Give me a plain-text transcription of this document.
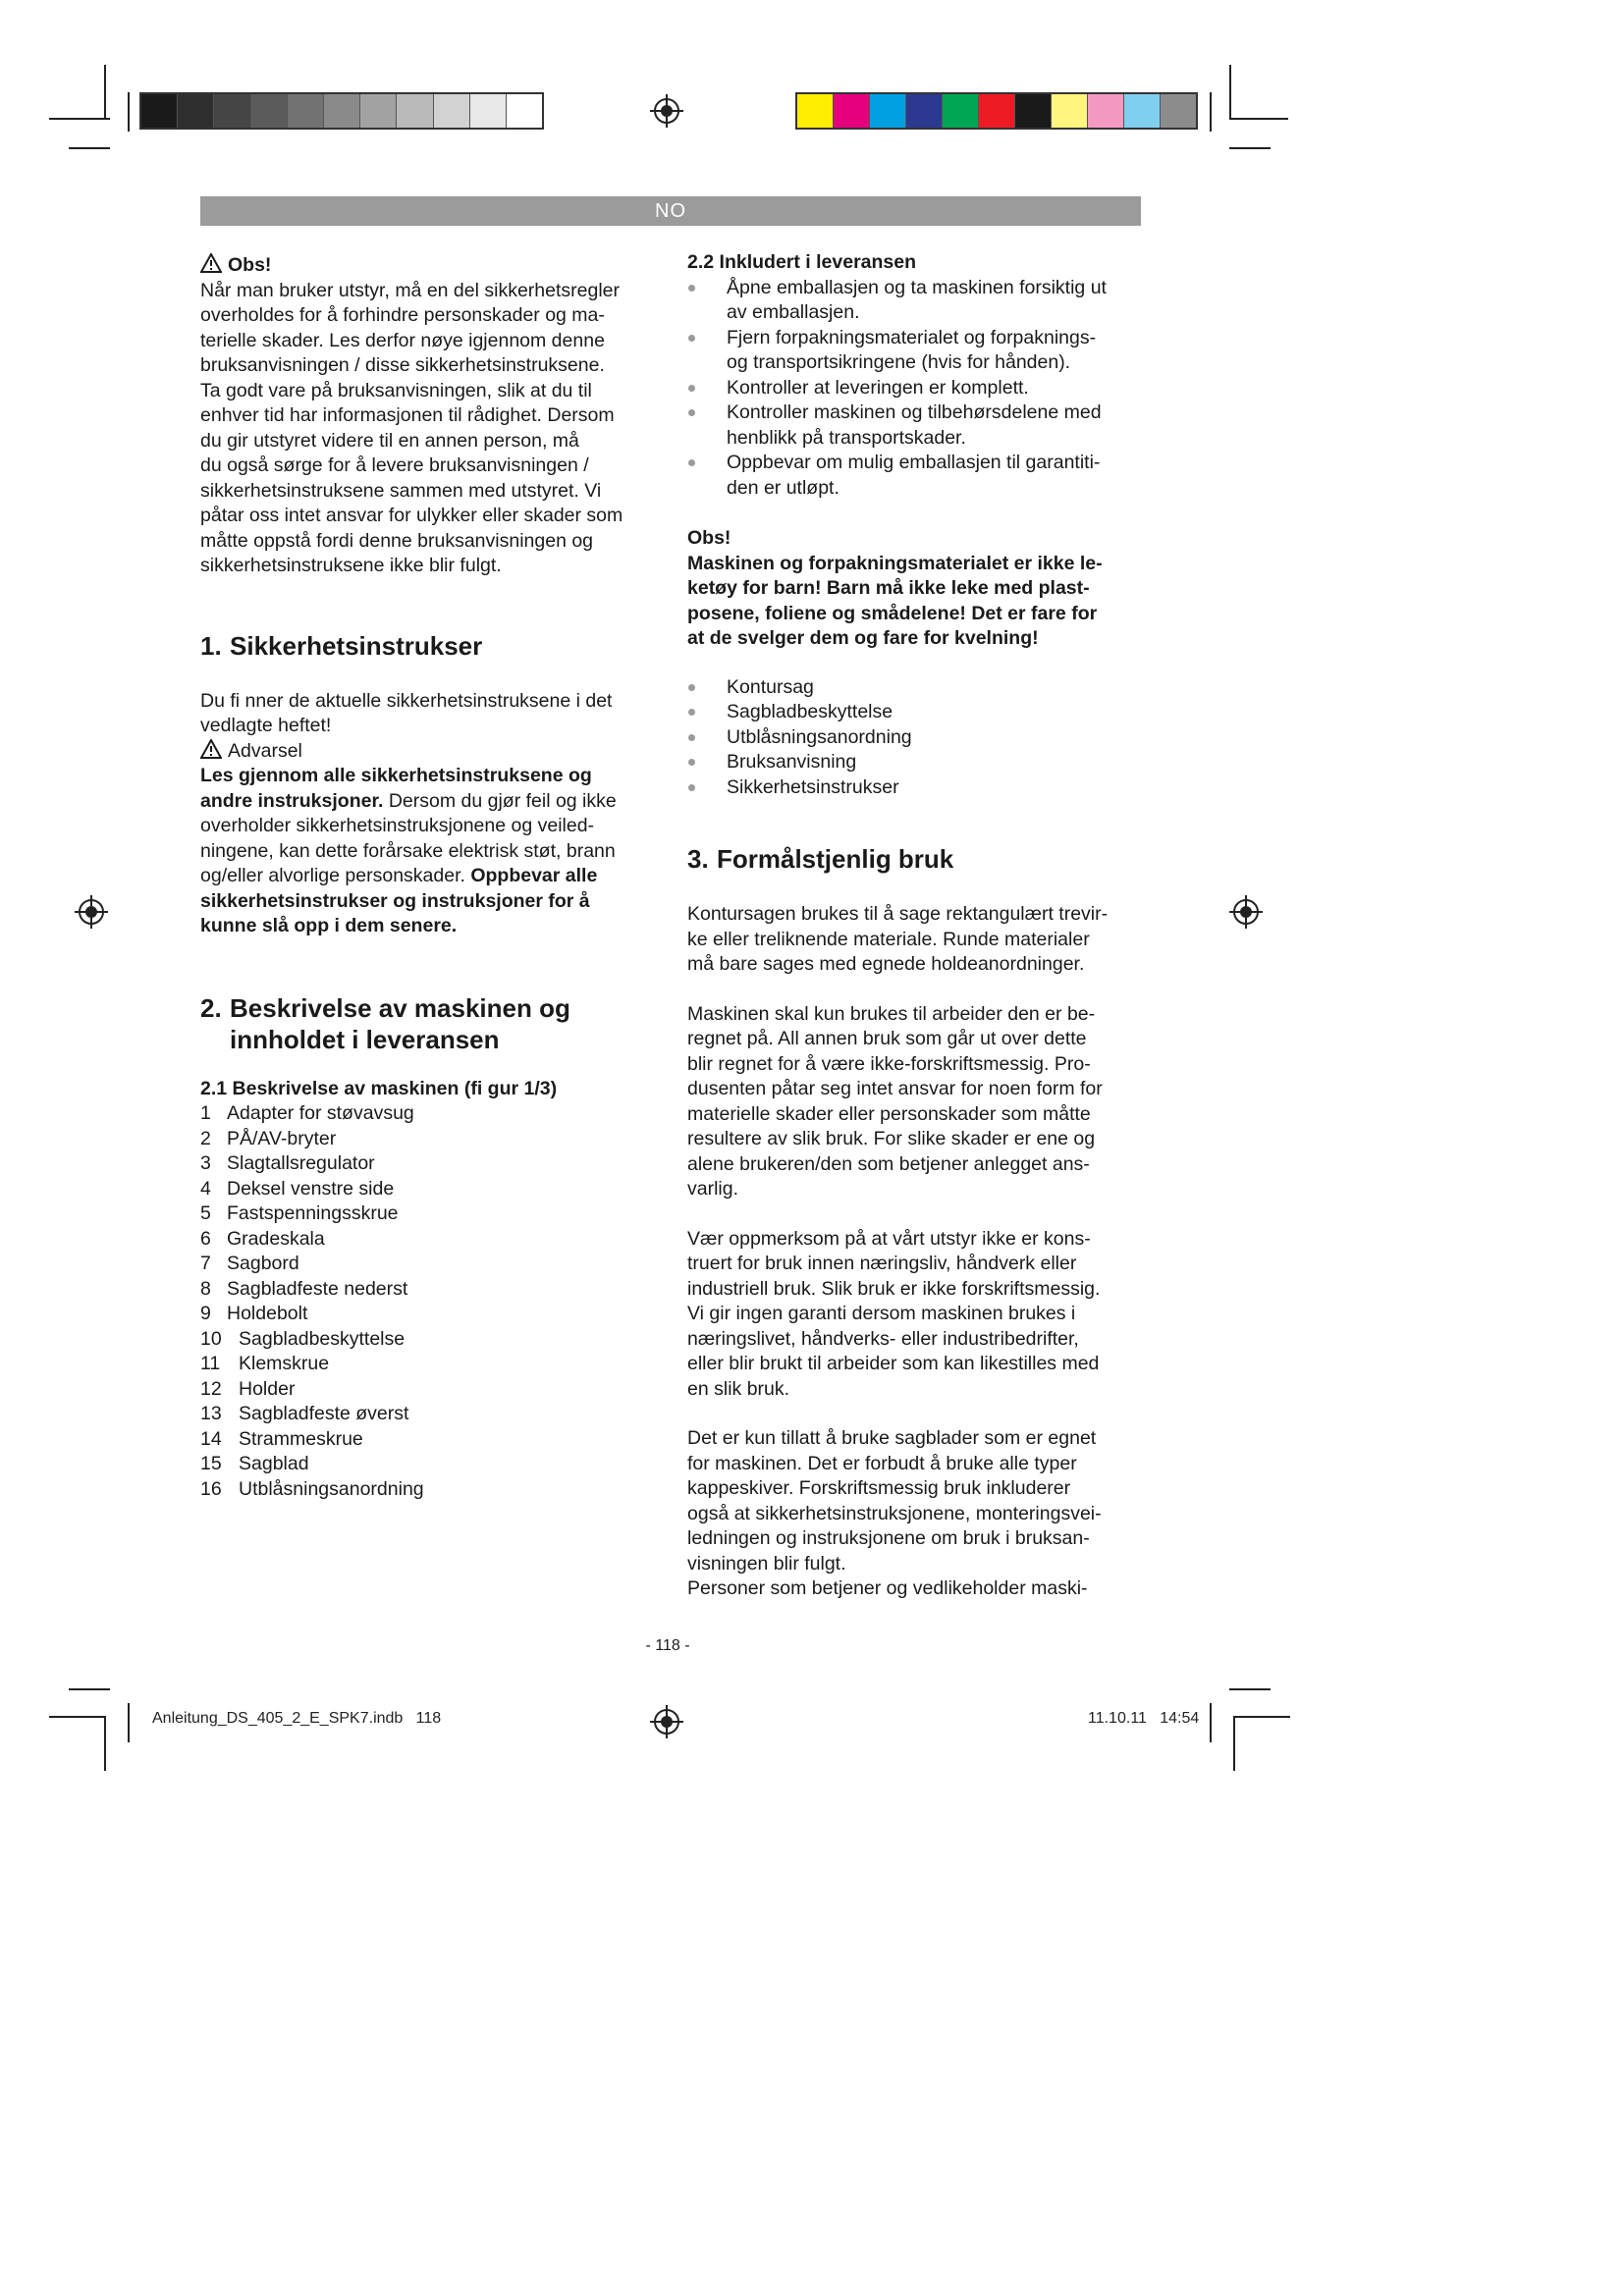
NO

Obs!

Når man bruker utstyr, må en del sikkerhetsregler

overholdes for å forhindre personskader og ma-

terielle skader. Les derfor nøye igjennom denne

bruksanvisningen / disse sikkerhetsinstruksene.

Ta godt vare på bruksanvisningen, slik at du til

enhver tid har informasjonen til rådighet. Dersom

du gir utstyret videre til en annen person, må

du også sørge for å levere bruksanvisningen /

sikkerhetsinstruksene sammen med utstyret. Vi

påtar oss intet ansvar for ulykker eller skader som

måtte oppstå fordi denne bruksanvisningen og

sikkerhetsinstruksene ikke blir fulgt.

1. Sikkerhetsinstrukser

Du fi nner de aktuelle sikkerhetsinstruksene i det

vedlagte heftet!

Advarsel

Les gjennom alle sikkerhetsinstruksene og

andre instruksjoner. Dersom du gjør feil og ikke

overholder sikkerhetsinstruksjonene og veiled-

ningene, kan dette forårsake elektrisk støt, brann

og/eller alvorlige personskader. Oppbevar alle

sikkerhetsinstrukser og instruksjoner for å

kunne slå opp i dem senere.

2. Beskrivelse av maskinen og
innholdet i leveransen

2.1 Beskrivelse av maskinen (fi gur 1/3)

1 Adapter for støvavsug
2 PÅ/AV-bryter
3 Slagtallsregulator
4 Deksel venstre side
5 Fastspenningsskrue
6 Gradeskala
7 Sagbord
8 Sagbladfeste nederst
9 Holdebolt
10 Sagbladbeskyttelse
11 Klemskrue
12 Holder
13 Sagbladfeste øverst
14 Strammeskrue
15 Sagblad
16 Utblåsningsanordning

2.2 Inkludert i leveransen

Åpne emballasjen og ta maskinen forsiktig ut
av emballasjen.
Fjern forpakningsmaterialet og forpaknings-
og transportsikringene (hvis for hånden).
Kontroller at leveringen er komplett.
Kontroller maskinen og tilbehørsdelene med
henblikk på transportskader.
Oppbevar om mulig emballasjen til garantiti-
den er utløpt.

Obs!

Maskinen og forpakningsmaterialet er ikke le-

ketøy for barn! Barn må ikke leke med plast-

posene, foliene og smådelene! Det er fare for

at de svelger dem og fare for kvelning!

Kontursag
Sagbladbeskyttelse
Utblåsningsanordning
Bruksanvisning
Sikkerhetsinstrukser
3. Formålstjenlig bruk

Kontursagen brukes til å sage rektangulært trevir-

ke eller treliknende materiale. Runde materialer

må bare sages med egnede holdeanordninger.

Maskinen skal kun brukes til arbeider den er be-

regnet på. All annen bruk som går ut over dette

blir regnet for å være ikke-forskriftsmessig. Pro-

dusenten påtar seg intet ansvar for noen form for

materielle skader eller personskader som måtte

resultere av slik bruk. For slike skader er ene og

alene brukeren/den som betjener anlegget ans-

varlig.

Vær oppmerksom på at vårt utstyr ikke er kons-

truert for bruk innen næringsliv, håndverk eller

industriell bruk. Slik bruk er ikke forskriftsmessig.

Vi gir ingen garanti dersom maskinen brukes i

næringslivet, håndverks- eller industribedrifter,

eller blir brukt til arbeider som kan likestilles med

en slik bruk.

Det er kun tillatt å bruke sagblader som er egnet

for maskinen. Det er forbudt å bruke alle typer

kappeskiver. Forskriftsmessig bruk inkluderer

også at sikkerhetsinstruksjonene, monteringsvei-

ledningen og instruksjonene om bruk i bruksan-

visningen blir fulgt.

Personer som betjener og vedlikeholder maski-

- 118 -
Anleitung_DS_405_2_E_SPK7.indb   118	11.10.11 14:54
